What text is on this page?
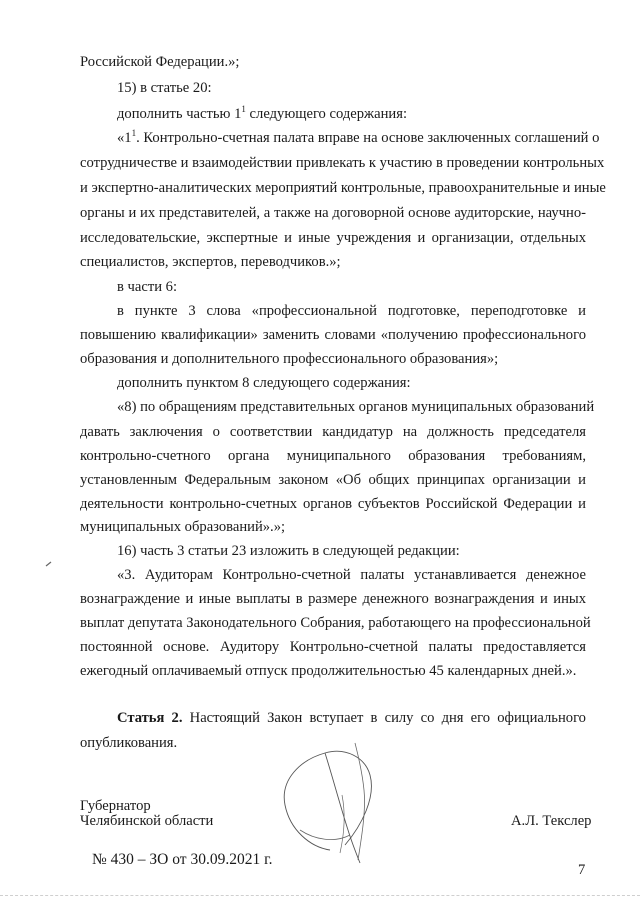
Российской Федерации.»;
15) в статье 20:
дополнить частью $1^1$ следующего содержания:
«$1^1$. Контрольно-счетная палата вправе на основе заключенных соглашений о
сотрудничестве и взаимодействии привлекать к участию в проведении контрольных
и экспертно-аналитических мероприятий контрольные, правоохранительные и иные
органы и их представителей, а также на договорной основе аудиторские, научно-
исследовательские, экспертные и иные учреждения и организации, отдельных
специалистов, экспертов, переводчиков.»;
в части 6:
в пункте 3 слова «профессиональной подготовке, переподготовке и
повышению квалификации» заменить словами «получению профессионального
образования и дополнительного профессионального образования»;
дополнить пунктом 8 следующего содержания:
«8) по обращениям представительных органов муниципальных образований
давать заключения о соответствии кандидатур на должность председателя
контрольно-счетного органа муниципального образования требованиям,
установленным Федеральным законом «Об общих принципах организации и
деятельности контрольно-счетных органов субъектов Российской Федерации и
муниципальных образований».»;
16) часть 3 статьи 23 изложить в следующей редакции:
«3. Аудиторам Контрольно-счетной палаты устанавливается денежное
вознаграждение и иные выплаты в размере денежного вознаграждения и иных
выплат депутата Законодательного Собрания, работающего на профессиональной
постоянной основе. Аудитору Контрольно-счетной палаты предоставляется
ежегодный оплачиваемый отпуск продолжительностью 45 календарных дней.».
Статья 2. Настоящий Закон вступает в силу со дня его официального
опубликования.
Губернатор
Челябинской области	А.Л. Текслер
№ 430 – ЗО от 30.09.2021 г.
7
